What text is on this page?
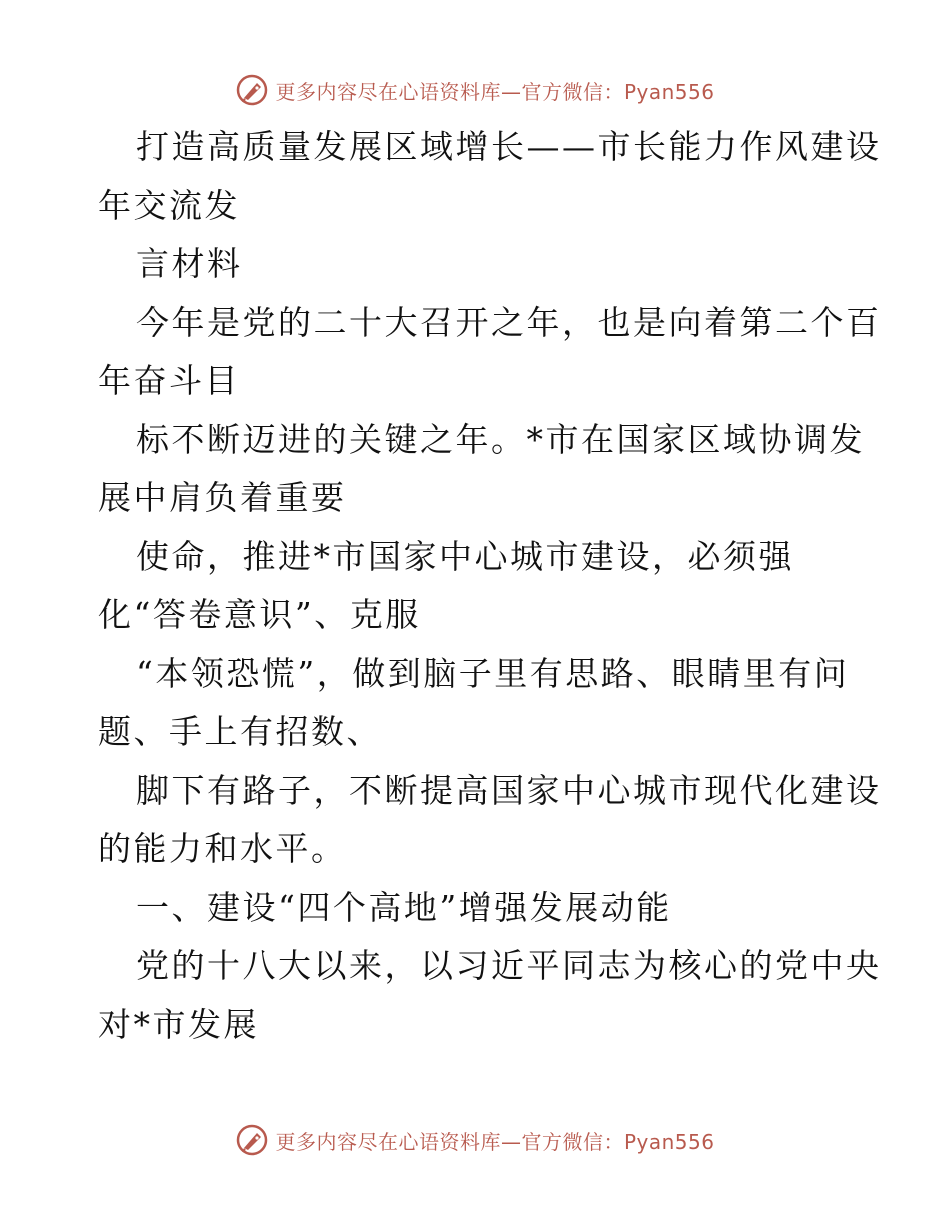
更多内容尽在心语资料库—官方微信：Pyan556
打造高质量发展区域增长——市长能力作风建设
年交流发
言材料
今年是党的二十大召开之年，也是向着第二个百
年奋斗目
标不断迈进的关键之年。*市在国家区域协调发
展中肩负着重要
使命，推进*市国家中心城市建设，必须强
化“答卷意识”、克服
“本领恐慌”，做到脑子里有思路、眼睛里有问
题、手上有招数、
脚下有路子，不断提高国家中心城市现代化建设
的能力和水平。
一、建设“四个高地”增强发展动能
党的十八大以来，以习近平同志为核心的党中央
对*市发展
更多内容尽在心语资料库—官方微信：Pyan556
